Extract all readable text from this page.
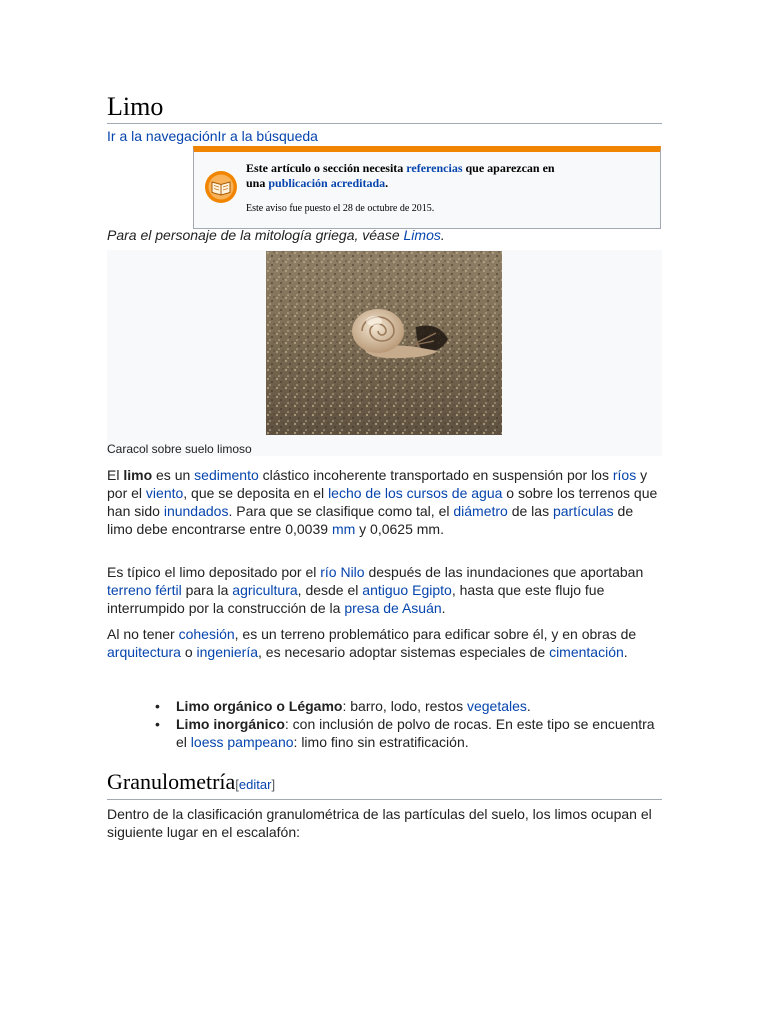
Limo
Ir a la navegaciónIr a la búsqueda
Este artículo o sección necesita referencias que aparezcan en
una publicación acreditada.
Este aviso fue puesto el 28 de octubre de 2015.
Para el personaje de la mitología griega, véase Limos.
Caracol sobre suelo limoso

El limo es un sedimento clástico incoherente transportado en suspensión por los ríos y por el viento, que se deposita en el lecho de los cursos de agua o sobre los terrenos que han sido inundados. Para que se clasifique como tal, el diámetro de las partículas de limo debe encontrarse entre 0,0039 mm y 0,0625 mm.

Es típico el limo depositado por el río Nilo después de las inundaciones que aportaban terreno fértil para la agricultura, desde el antiguo Egipto, hasta que este flujo fue interrumpido por la construcción de la presa de Asuán.

Al no tener cohesión, es un terreno problemático para edificar sobre él, y en obras de arquitectura o ingeniería, es necesario adoptar sistemas especiales de cimentación.

• Limo orgánico o Légamo: barro, lodo, restos vegetales.
• Limo inorgánico: con inclusión de polvo de rocas. En este tipo se encuentra el loess pampeano: limo fino sin estratificación.
Granulometría[editar]

Dentro de la clasificación granulométrica de las partículas del suelo, los limos ocupan el siguiente lugar en el escalafón:
